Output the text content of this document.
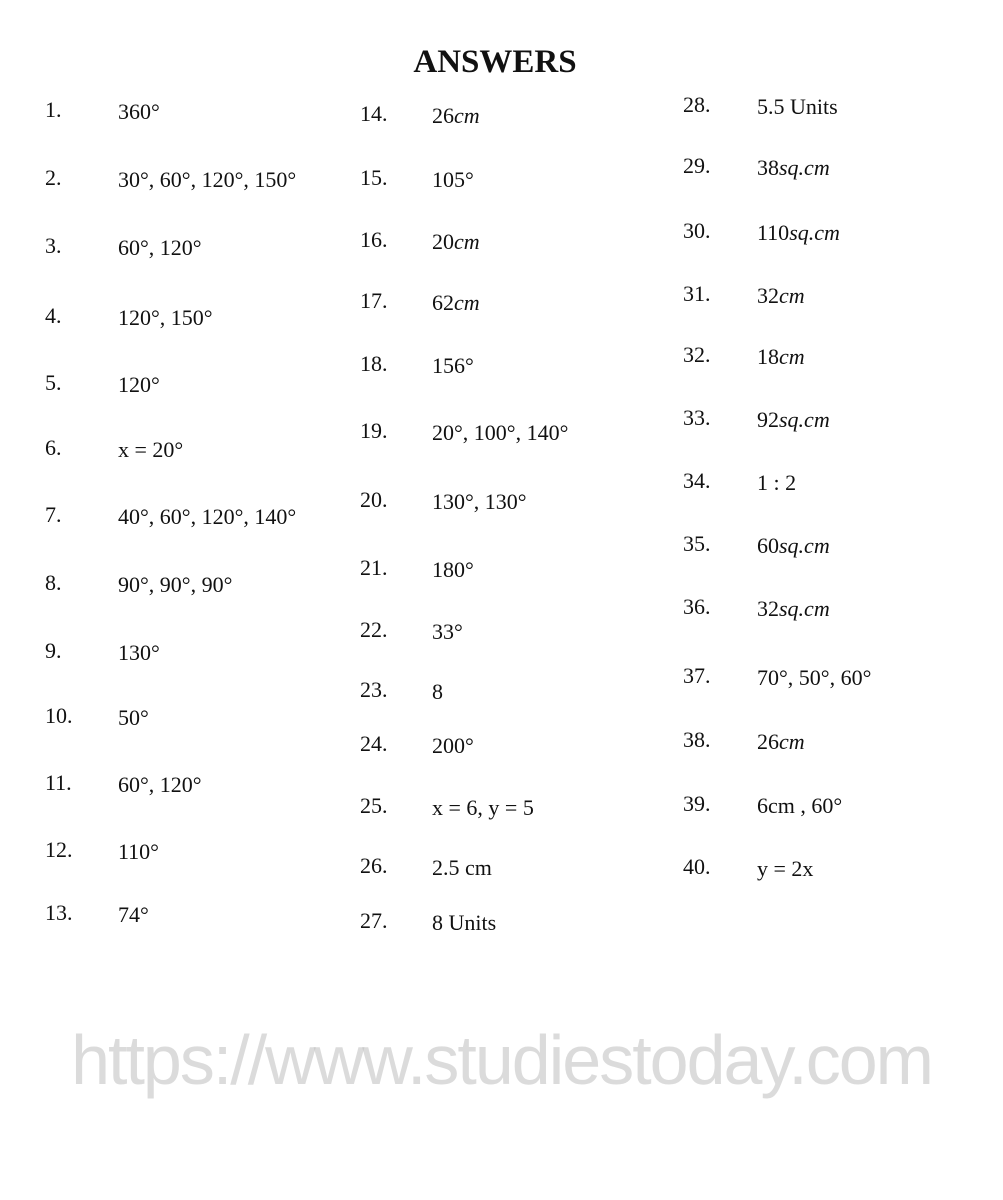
ANSWERS
1.	360°
2.	30°, 60°, 120°, 150°
3.	60°, 120°
4.	120°, 150°
5.	120°
6.	x = 20°
7.	40°, 60°, 120°, 140°
8.	90°, 90°, 90°
9.	130°
10. 50°
11. 60°, 120°
12. 110°
13. 74°
14. 26cm
15. 105°
16. 20cm
17. 62cm
18. 156°
19. 20°, 100°, 140°
20. 130°, 130°
21. 180°
22. 33°
23. 8
24. 200°
25. x = 6, y = 5
26. 2.5 cm
27. 8 Units
28. 5.5 Units
29. 38sq.cm
30. 110sq.cm
31. 32cm
32. 18cm
33. 92sq.cm
34. 1 : 2
35. 60sq.cm
36. 32sq.cm
37. 70°, 50°, 60°
38. 26cm
39. 6cm , 60°
40. y = 2x
https://www.studiestoday.com
